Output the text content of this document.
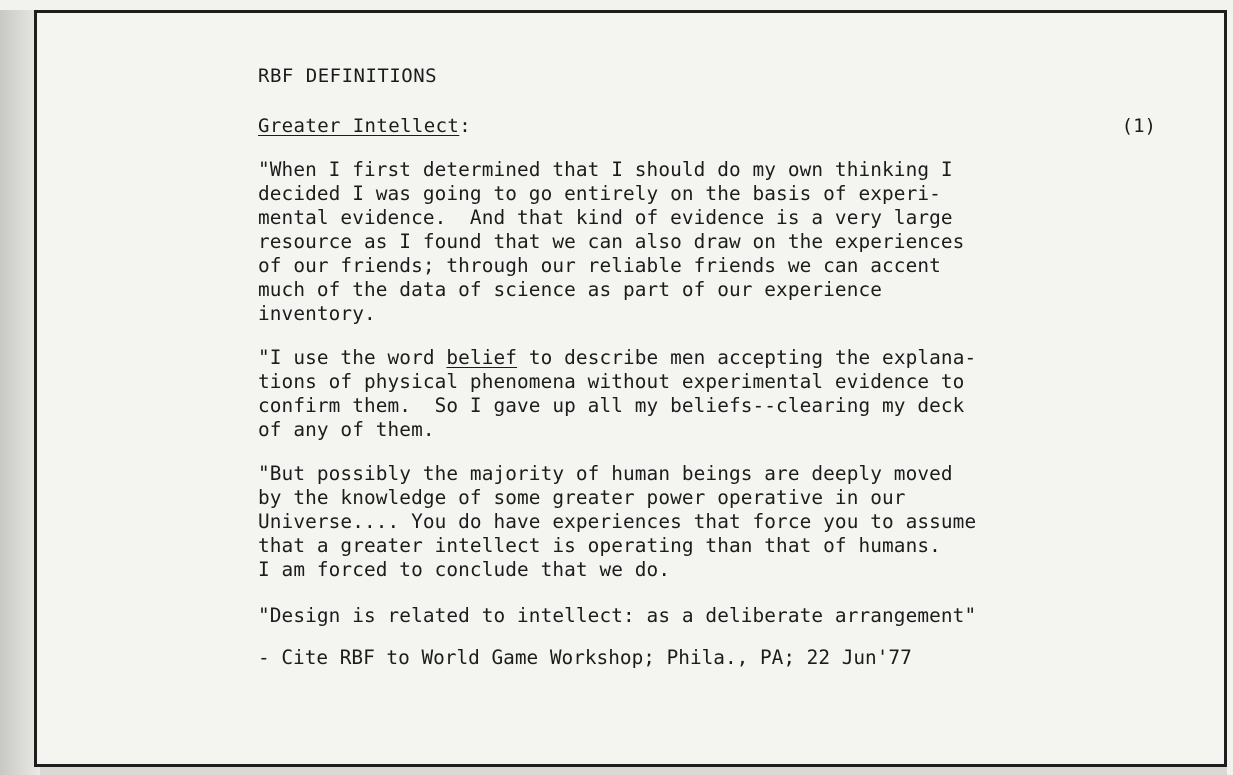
RBF DEFINITIONS
Greater Intellect:	(1)
"When I first determined that I should do my own thinking I
decided I was going to go entirely on the basis of experi-
mental evidence.  And that kind of evidence is a very large
resource as I found that we can also draw on the experiences
of our friends; through our reliable friends we can accent
much of the data of science as part of our experience
inventory.
"I use the word belief to describe men accepting the explana-
tions of physical phenomena without experimental evidence to
confirm them.  So I gave up all my beliefs--clearing my deck
of any of them.
"But possibly the majority of human beings are deeply moved
by the knowledge of some greater power operative in our
Universe.... You do have experiences that force you to assume
that a greater intellect is operating than that of humans.
I am forced to conclude that we do.
"Design is related to intellect: as a deliberate arrangement"
- Cite RBF to World Game Workshop; Phila., PA; 22 Jun'77
